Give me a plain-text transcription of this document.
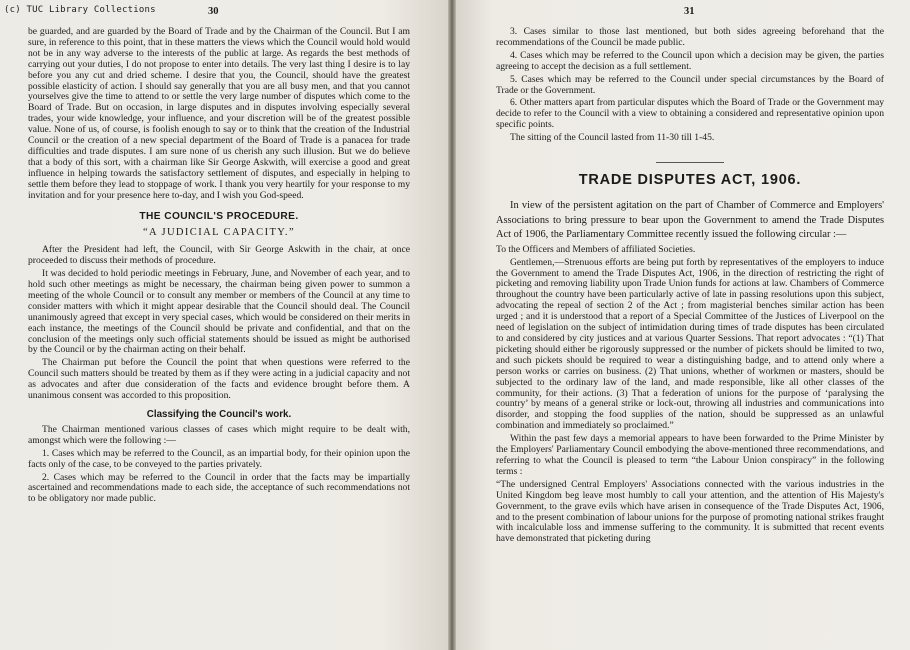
(c) TUC Library Collections	30

be guarded, and are guarded by the Board of Trade and by the Chairman of the Council. But I am sure, in reference to this point, that in these matters the views which the Council would hold would not be in any way adverse to the interests of the public at large. As regards the best methods of carrying out your duties, I do not propose to enter into details. The very last thing I desire is to lay before you any cut and dried scheme. I desire that you, the Council, should have the greatest possible elasticity of action. I should say generally that you are all busy men, and that you cannot yourselves give the time to attend to or settle the very large number of disputes which come to the Board of Trade. But on occasion, in large disputes and in disputes involving especially several trades, your wide knowledge, your influence, and your discretion will be of the greatest possible value. None of us, of course, is foolish enough to say or to think that the creation of the Industrial Council or the creation of a new special department of the Board of Trade is a panacea for trade difficulties and trade disputes. I am sure none of us cherish any such illusion. But we do believe that a body of this sort, with a chairman like Sir George Askwith, will exercise a good and great influence in helping towards the satisfactory settlement of disputes, and especially in helping to settle them before they lead to stoppage of work. I thank you very heartily for your response to my invitation and for your presence here to-day, and I wish you God-speed.

THE COUNCIL'S PROCEDURE.
“A JUDICIAL CAPACITY.”

After the President had left, the Council, with Sir George Askwith in the chair, at once proceeded to discuss their methods of procedure.

It was decided to hold periodic meetings in February, June, and November of each year, and to hold such other meetings as might be necessary, the chairman being given power to summon a meeting of the whole Council or to consult any member or members of the Council at any time to consider matters with which it might appear desirable that the Council should deal. The Council unanimously agreed that except in very special cases, which would be considered on their merits in each instance, the meetings of the Council should be private and confidential, and that on the conclusion of the meetings only such official statements should be issued as might be authorised by the Council or by the chairman acting on their behalf.

The Chairman put before the Council the point that when questions were referred to the Council such matters should be treated by them as if they were acting in a judicial capacity and not as advocates and after due consideration of the facts and evidence brought before them. A unanimous consent was accorded to this proposition.

Classifying the Council's work.

The Chairman mentioned various classes of cases which might require to be dealt with, amongst which were the following :—

1. Cases which may be referred to the Council, as an impartial body, for their opinion upon the facts only of the case, to be conveyed to the parties privately.

2. Cases which may be referred to the Council in order that the facts may be impartially ascertained and recommendations made to each side, the acceptance of such recommendations not to be obligatory nor made public.

31

3. Cases similar to those last mentioned, but both sides agreeing beforehand that the recommendations of the Council be made public.

4. Cases which may be referred to the Council upon which a decision may be given, the parties agreeing to accept the decision as a full settlement.

5. Cases which may be referred to the Council under special circumstances by the Board of Trade or the Government.

6. Other matters apart from particular disputes which the Board of Trade or the Government may decide to refer to the Council with a view to obtaining a considered and representative opinion upon specific points.

The sitting of the Council lasted from 11-30 till 1-45.

TRADE DISPUTES ACT, 1906.

In view of the persistent agitation on the part of Chamber of Commerce and Employers' Associations to bring pressure to bear upon the Government to amend the Trade Disputes Act of 1906, the Parliamentary Committee recently issued the following circular :—

To the Officers and Members of affiliated Societies.

Gentlemen,—Strenuous efforts are being put forth by representatives of the employers to induce the Government to amend the Trade Disputes Act, 1906, in the direction of restricting the right of picketing and removing liability upon Trade Union funds for actions at law. Chambers of Commerce throughout the country have been particularly active of late in passing resolutions upon this subject, advocating the repeal of section 2 of the Act ; from magisterial benches similar action has been urged ; and it is understood that a report of a Special Committee of the Justices of Liverpool on the need of legislation on the subject of intimidation during times of trade disputes has been circulated to and considered by city justices and at various Quarter Sessions. That report advocates : “(1) That picketing should either be rigorously suppressed or the number of pickets should be limited to two, and such pickets should be required to wear a distinguishing badge, and to attend only where a person works or carries on business. (2) That unions, whether of workmen or masters, should be subjected to the ordinary law of the land, and made responsible, like all other classes of the community, for their actions. (3) That a federation of unions for the purpose of ‘paralysing the country’ by means of a general strike or lock-out, throwing all industries and communications into disorder, and stopping the food supplies of the nation, should be suppressed as an unlawful combination and immediately so proclaimed.”

Within the past few days a memorial appears to have been forwarded to the Prime Minister by the Employers' Parliamentary Council embodying the above-mentioned three recommendations, and referring to what the Council is pleased to term “the Labour Union conspiracy” in the following terms :

“The undersigned Central Employers' Associations connected with the various industries in the United Kingdom beg leave most humbly to call your attention, and the attention of His Majesty's Government, to the grave evils which have arisen in consequence of the Trade Disputes Act, 1906, and to the present combination of labour unions for the purpose of promoting national strikes fraught with incalculable loss and immense suffering to the community. It is submitted that recent events have demonstrated that picketing during
